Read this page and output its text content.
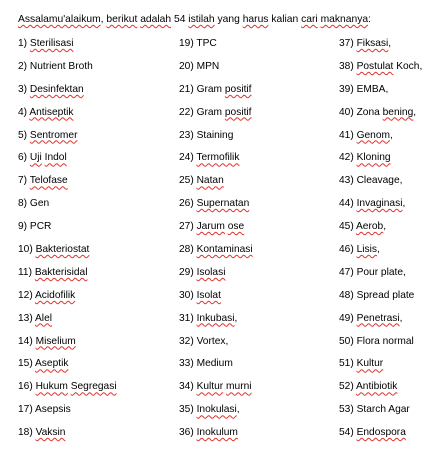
Assalamu'alaikum, berikut adalah 54 istilah yang harus kalian cari maknanya:
1) Sterilisasi
2) Nutrient Broth
3) Desinfektan
4) Antiseptik
5) Sentromer
6) Uji Indol
7) Telofase
8) Gen
9) PCR
10) Bakteriostat
11) Bakterisidal
12) Acidofilik
13) Alel
14) Miselium
15) Aseptik
16) Hukum Segregasi
17) Asepsis
18) Vaksin
19) TPC
20) MPN
21) Gram positif
22) Gram positif
23) Staining
24) Termofilik
25) Natan
26) Supernatan
27) Jarum ose
28) Kontaminasi
29) Isolasi
30) Isolat
31) Inkubasi,
32) Vortex,
33) Medium
34) Kultur murni
35) Inokulasi,
36) Inokulum
37) Fiksasi,
38) Postulat Koch,
39) EMBA,
40) Zona bening,
41) Genom,
42) Kloning
43) Cleavage,
44) Invaginasi,
45) Aerob,
46) Lisis,
47) Pour plate,
48) Spread plate
49) Penetrasi,
50) Flora normal
51) Kultur
52) Antibiotik
53) Starch Agar
54) Endospora
